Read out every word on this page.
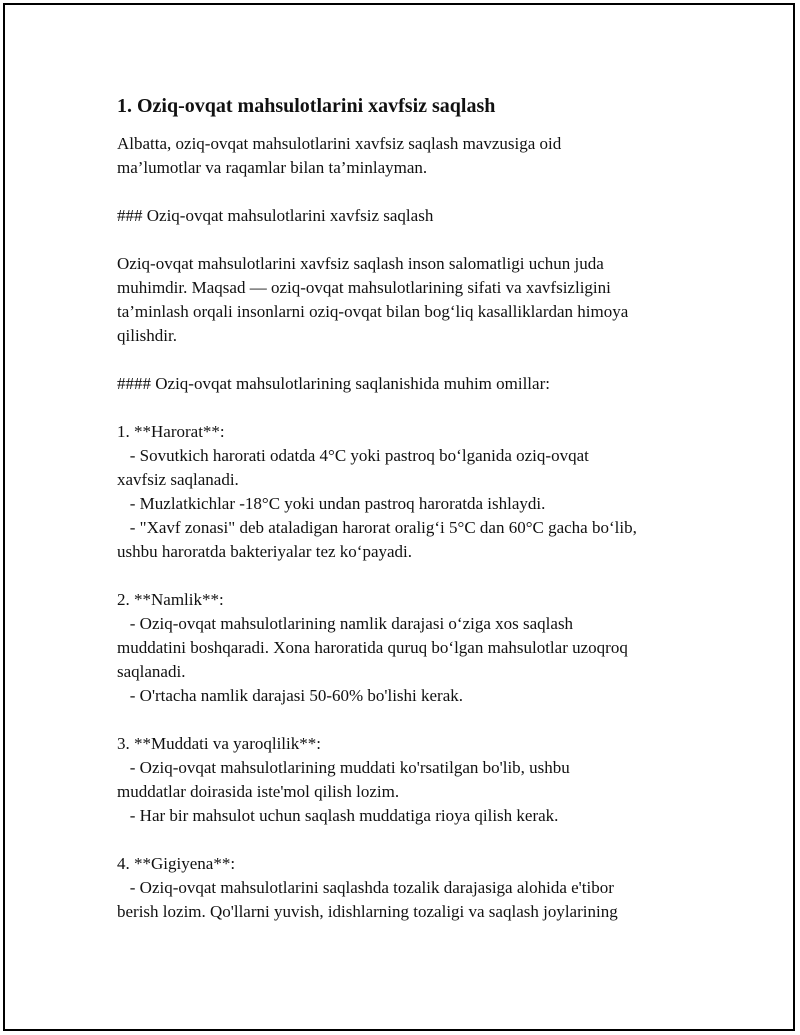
1. Oziq-ovqat mahsulotlarini xavfsiz saqlash

Albatta, oziq-ovqat mahsulotlarini xavfsiz saqlash mavzusiga oid
ma’lumotlar va raqamlar bilan ta’minlayman.

### Oziq-ovqat mahsulotlarini xavfsiz saqlash

Oziq-ovqat mahsulotlarini xavfsiz saqlash inson salomatligi uchun juda
muhimdir. Maqsad — oziq-ovqat mahsulotlarining sifati va xavfsizligini
ta’minlash orqali insonlarni oziq-ovqat bilan bog‘liq kasalliklardan himoya
qilishdir.

#### Oziq-ovqat mahsulotlarining saqlanishida muhim omillar:

1. **Harorat**:
- Sovutkich harorati odatda 4°C yoki pastroq bo‘lganida oziq-ovqat
xavfsiz saqlanadi.
- Muzlatkichlar -18°C yoki undan pastroq haroratda ishlaydi.
- "Xavf zonasi" deb ataladigan harorat oralig‘i 5°C dan 60°C gacha bo‘lib,
ushbu haroratda bakteriyalar tez ko‘payadi.

2. **Namlik**:
- Oziq-ovqat mahsulotlarining namlik darajasi o‘ziga xos saqlash
muddatini boshqaradi. Xona haroratida quruq bo‘lgan mahsulotlar uzoqroq
saqlanadi.
- O'rtacha namlik darajasi 50-60% bo'lishi kerak.

3. **Muddati va yaroqlilik**:
- Oziq-ovqat mahsulotlarining muddati ko'rsatilgan bo'lib, ushbu
muddatlar doirasida iste'mol qilish lozim.
- Har bir mahsulot uchun saqlash muddatiga rioya qilish kerak.

4. **Gigiyena**:
- Oziq-ovqat mahsulotlarini saqlashda tozalik darajasiga alohida e'tibor
berish lozim. Qo'llarni yuvish, idishlarning tozaligi va saqlash joylarining
